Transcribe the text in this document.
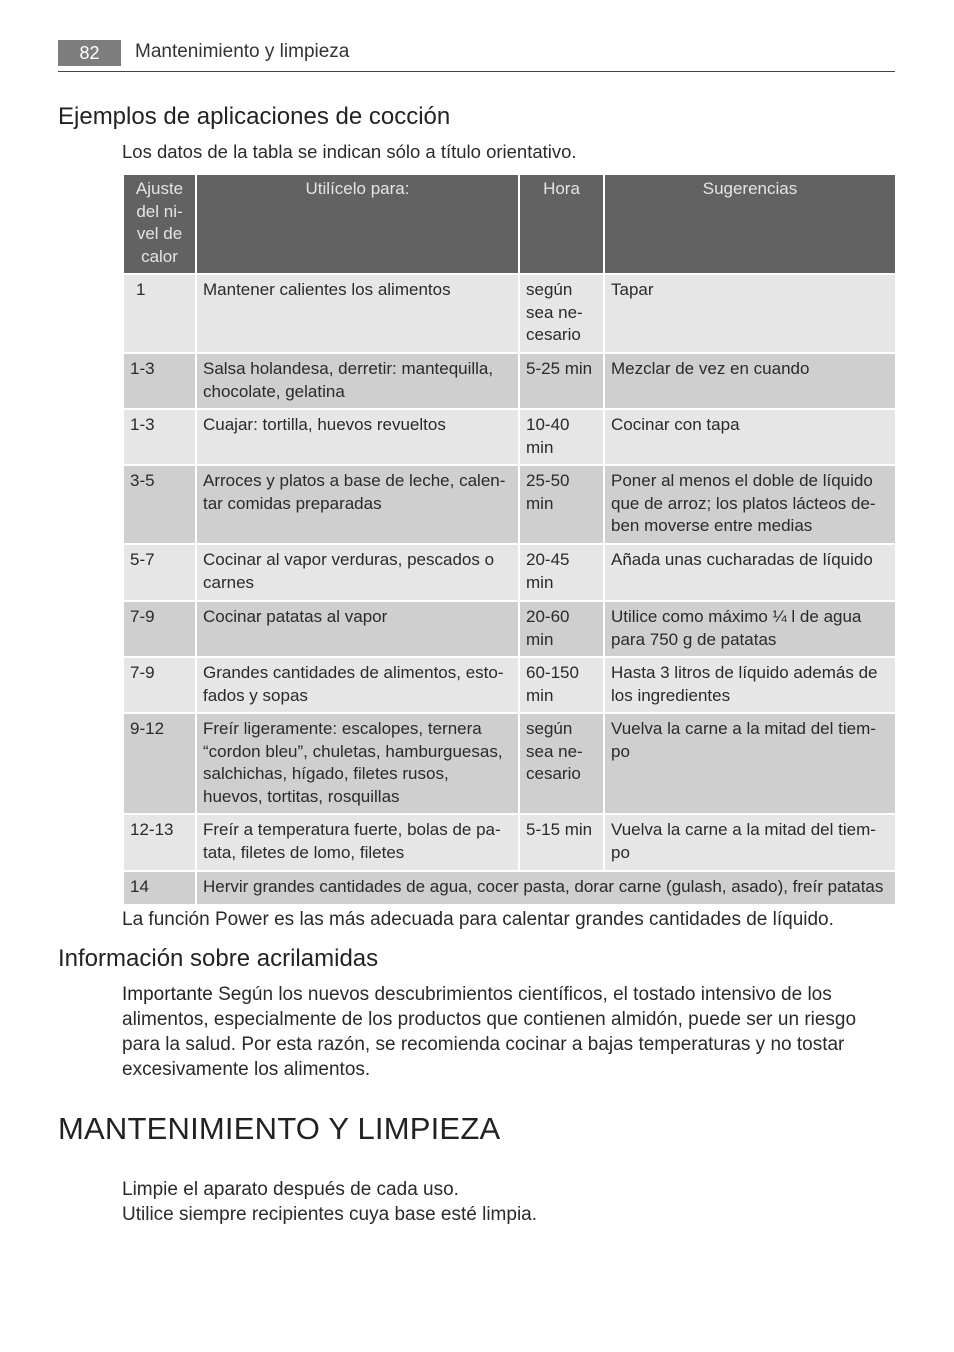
82	Mantenimiento y limpieza
Ejemplos de aplicaciones de cocción
Los datos de la tabla se indican sólo a título orientativo.
Ajuste
del ni-
vel de
calor	Utilícelo para:	Hora	Sugerencias
1	Mantener calientes los alimentos	según
sea ne-
cesario	Tapar
1-3	Salsa holandesa, derretir: mantequilla, chocolate, gelatina	5-25 min	Mezclar de vez en cuando
1-3	Cuajar: tortilla, huevos revueltos	10-40 min	Cocinar con tapa
3-5	Arroces y platos a base de leche, calen-
tar comidas preparadas	25-50 min	Poner al menos el doble de líquido
que de arroz; los platos lácteos de-
ben moverse entre medias
5-7	Cocinar al vapor verduras, pescados o carnes	20-45 min	Añada unas cucharadas de líquido
7-9	Cocinar patatas al vapor	20-60 min	Utilice como máximo ¼ l de agua para 750 g de patatas
7-9	Grandes cantidades de alimentos, esto-
fados y sopas	60-150 min	Hasta 3 litros de líquido además de los ingredientes
9-12	Freír ligeramente: escalopes, ternera “cordon bleu”, chuletas, hamburguesas, salchichas, hígado, filetes rusos, huevos, tortitas, rosquillas	según
sea ne-
cesario	Vuelva la carne a la mitad del tiem-
po
12-13	Freír a temperatura fuerte, bolas de pa-
tata, filetes de lomo, filetes	5-15 min	Vuelva la carne a la mitad del tiem-
po
14	Hervir grandes cantidades de agua, cocer pasta, dorar carne (gulash, asado), freír patatas		
La función Power es las más adecuada para calentar grandes cantidades de líquido.
Información sobre acrilamidas
Importante Según los nuevos descubrimientos científicos, el tostado intensivo de los alimentos, especialmente de los productos que contienen almidón, puede ser un riesgo para la salud. Por esta razón, se recomienda cocinar a bajas temperaturas y no tostar excesivamente los alimentos.
MANTENIMIENTO Y LIMPIEZA
Limpie el aparato después de cada uso.
Utilice siempre recipientes cuya base esté limpia.
